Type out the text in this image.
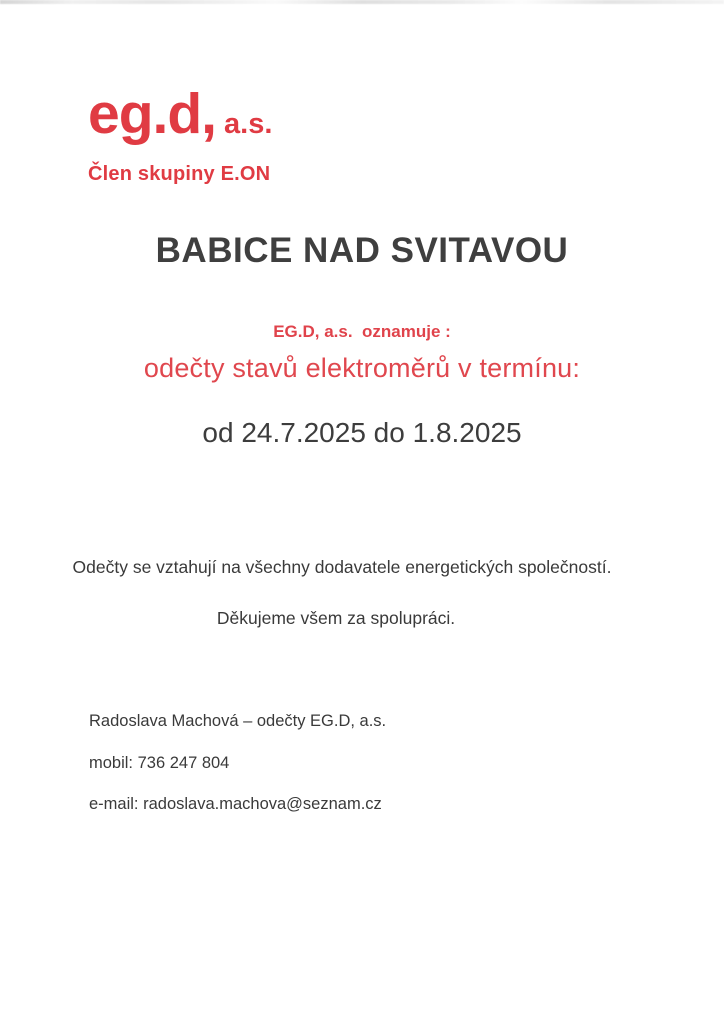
eg.d, a.s.
Člen skupiny E.ON
BABICE NAD SVITAVOU
EG.D, a.s.  oznamuje :
odečty stavů elektroměrů v termínu:
od 24.7.2025 do 1.8.2025
Odečty se vztahují na všechny dodavatele energetických společností.
Děkujeme všem za spolupráci.
Radoslava Machová – odečty EG.D, a.s.
mobil: 736 247 804
e-mail: radoslava.machova@seznam.cz
